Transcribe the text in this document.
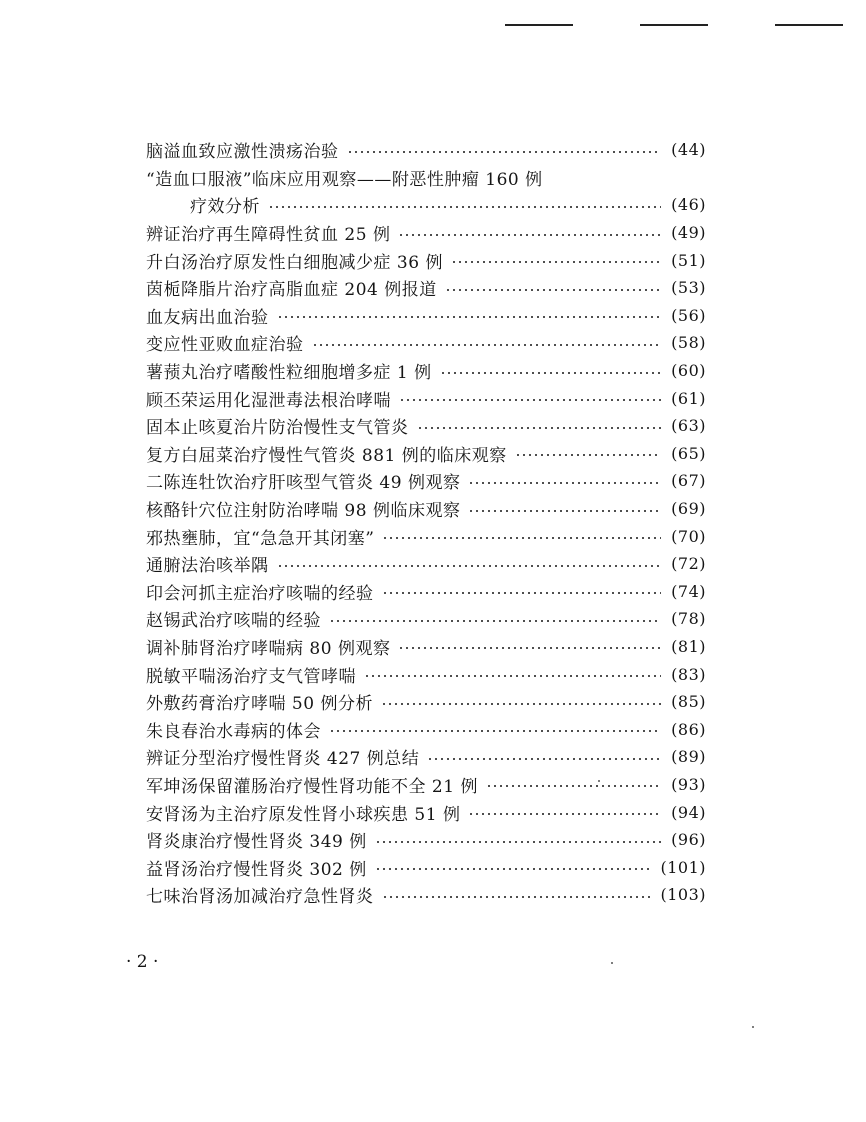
脑溢血致应激性溃疡治验	(44)
“造血口服液”临床应用观察——附恶性肿瘤 160 例
疗效分析	(46)
辨证治疗再生障碍性贫血 25 例	(49)
升白汤治疗原发性白细胞减少症 36 例	(51)
茵栀降脂片治疗高脂血症 204 例报道	(53)
血友病出血治验	(56)
变应性亚败血症治验	(58)
薯蓣丸治疗嗜酸性粒细胞增多症 1 例	(60)
顾丕荣运用化湿泄毒法根治哮喘	(61)
固本止咳夏治片防治慢性支气管炎	(63)
复方白屈菜治疗慢性气管炎 881 例的临床观察	(65)
二陈连牡饮治疗肝咳型气管炎 49 例观察	(67)
核酪针穴位注射防治哮喘 98 例临床观察	(69)
邪热壅肺，宜“急急开其闭塞”	(70)
通腑法治咳举隅	(72)
印会河抓主症治疗咳喘的经验	(74)
赵锡武治疗咳喘的经验	(78)
调补肺肾治疗哮喘病 80 例观察	(81)
脱敏平喘汤治疗支气管哮喘	(83)
外敷药膏治疗哮喘 50 例分析	(85)
朱良春治水毒病的体会	(86)
辨证分型治疗慢性肾炎 427 例总结	(89)
军坤汤保留灌肠治疗慢性肾功能不全 21 例	(93)
安肾汤为主治疗原发性肾小球疾患 51 例	(94)
肾炎康治疗慢性肾炎 349 例	(96)
益肾汤治疗慢性肾炎 302 例	(101)
七味治肾汤加减治疗急性肾炎	(103)
· 2 ·
